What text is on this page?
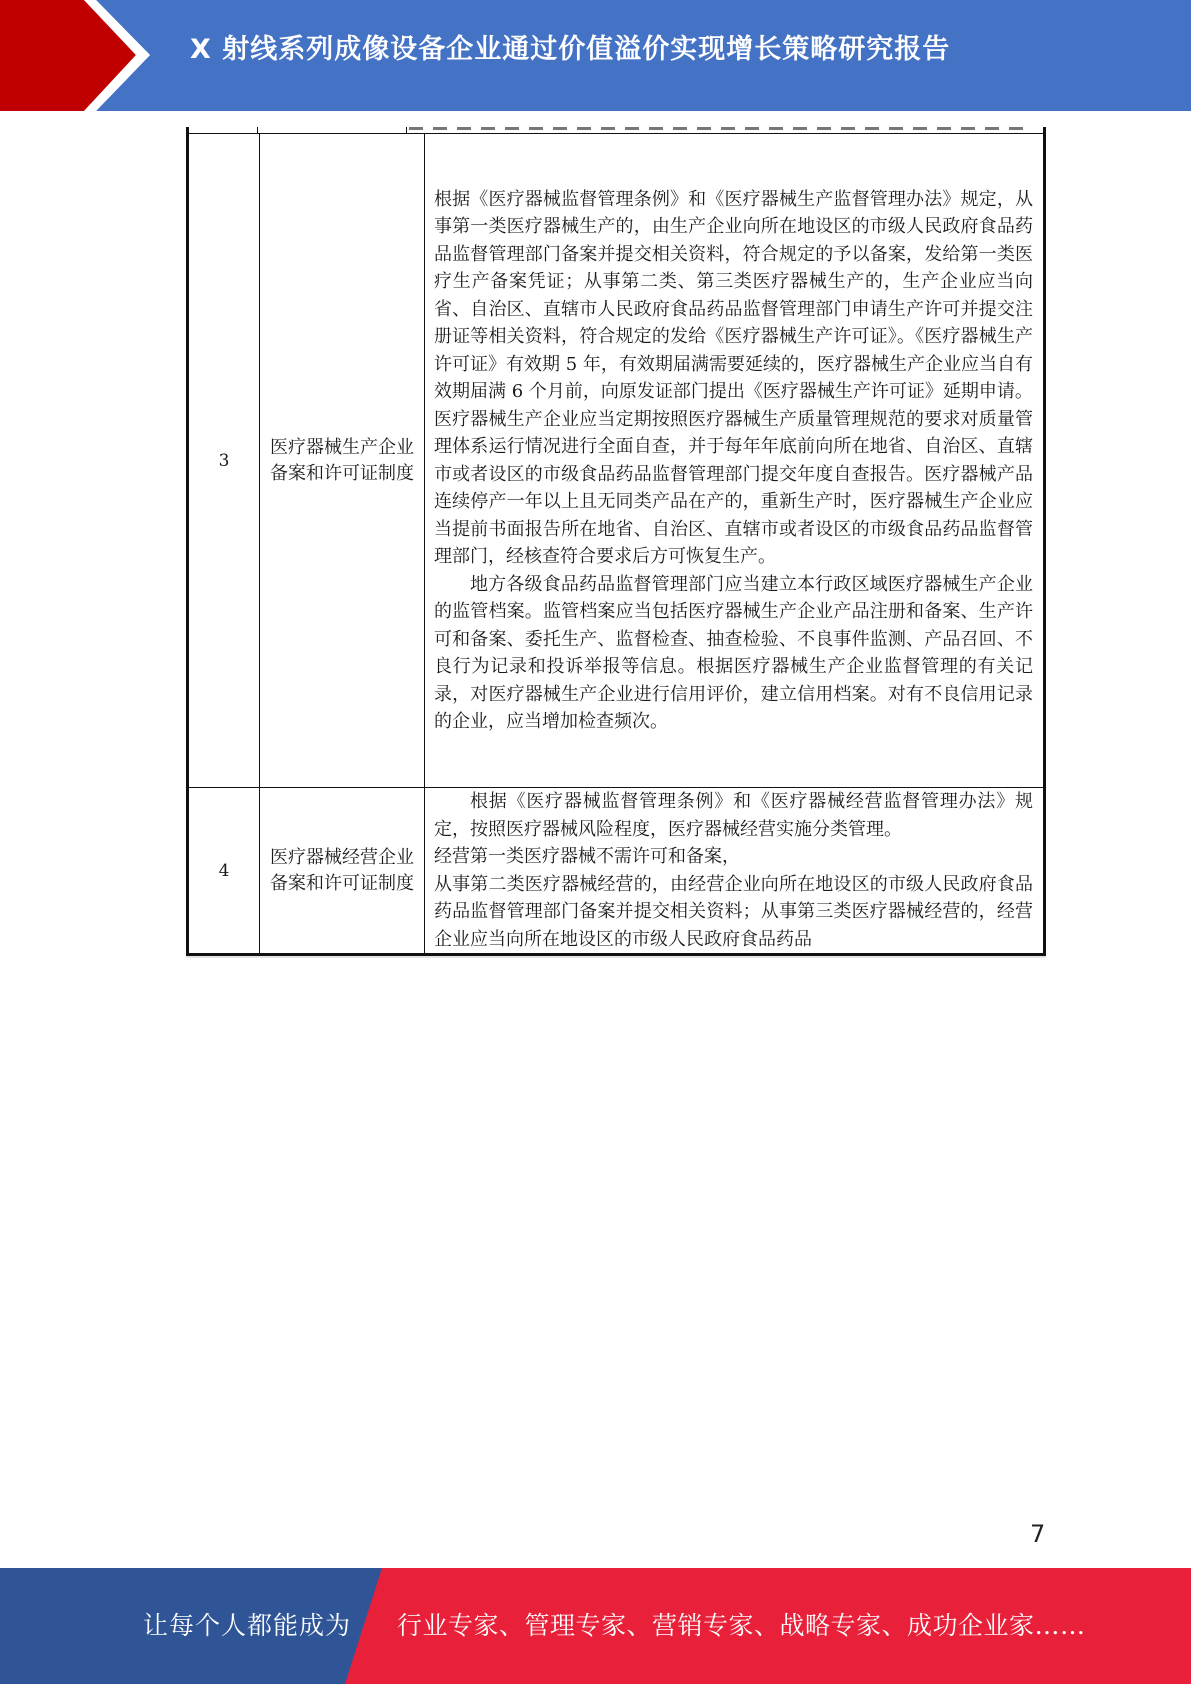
X 射线系列成像设备企业通过价值溢价实现增长策略研究报告
3	医疗器械生产企业备案和许可证制度	根据《医疗器械监督管理条例》和《医疗器械生产监督管理办法》规定，从事第一类医疗器械生产的，由生产企业向所在地设区的市级人民政府食品药品监督管理部门备案并提交相关资料，符合规定的予以备案，发给第一类医疗生产备案凭证；从事第二类、第三类医疗器械生产的，生产企业应当向省、自治区、直辖市人民政府食品药品监督管理部门申请生产许可并提交注册证等相关资料，符合规定的发给《医疗器械生产许可证》。《医疗器械生产许可证》有效期 5 年，有效期届满需要延续的，医疗器械生产企业应当自有效期届满 6 个月前，向原发证部门提出《医疗器械生产许可证》延期申请。

医疗器械生产企业应当定期按照医疗器械生产质量管理规范的要求对质量管理体系运行情况进行全面自查，并于每年年底前向所在地省、自治区、直辖市或者设区的市级食品药品监督管理部门提交年度自查报告。医疗器械产品连续停产一年以上且无同类产品在产的，重新生产时，医疗器械生产企业应当提前书面报告所在地省、自治区、直辖市或者设区的市级食品药品监督管理部门，经核查符合要求后方可恢复生产。

地方各级食品药品监督管理部门应当建立本行政区域医疗器械生产企业的监管档案。监管档案应当包括医疗器械生产企业产品注册和备案、生产许可和备案、委托生产、监督检查、抽查检验、不良事件监测、产品召回、不良行为记录和投诉举报等信息。根据医疗器械生产企业监督管理的有关记录，对医疗器械生产企业进行信用评价，建立信用档案。对有不良信用记录的企业，应当增加检查频次。

4	医疗器械经营企业备案和许可证制度	根据《医疗器械监督管理条例》和《医疗器械经营监督管理办法》规定，按照医疗器械风险程度，医疗器械经营实施分类管理。

经营第一类医疗器械不需许可和备案，

从事第二类医疗器械经营的，由经营企业向所在地设区的市级人民政府食品药品监督管理部门备案并提交相关资料；从事第三类医疗器械经营的，经营企业应当向所在地设区的市级人民政府食品药品

7
让每个人都能成为 行业专家、管理专家、营销专家、战略专家、成功企业家……
